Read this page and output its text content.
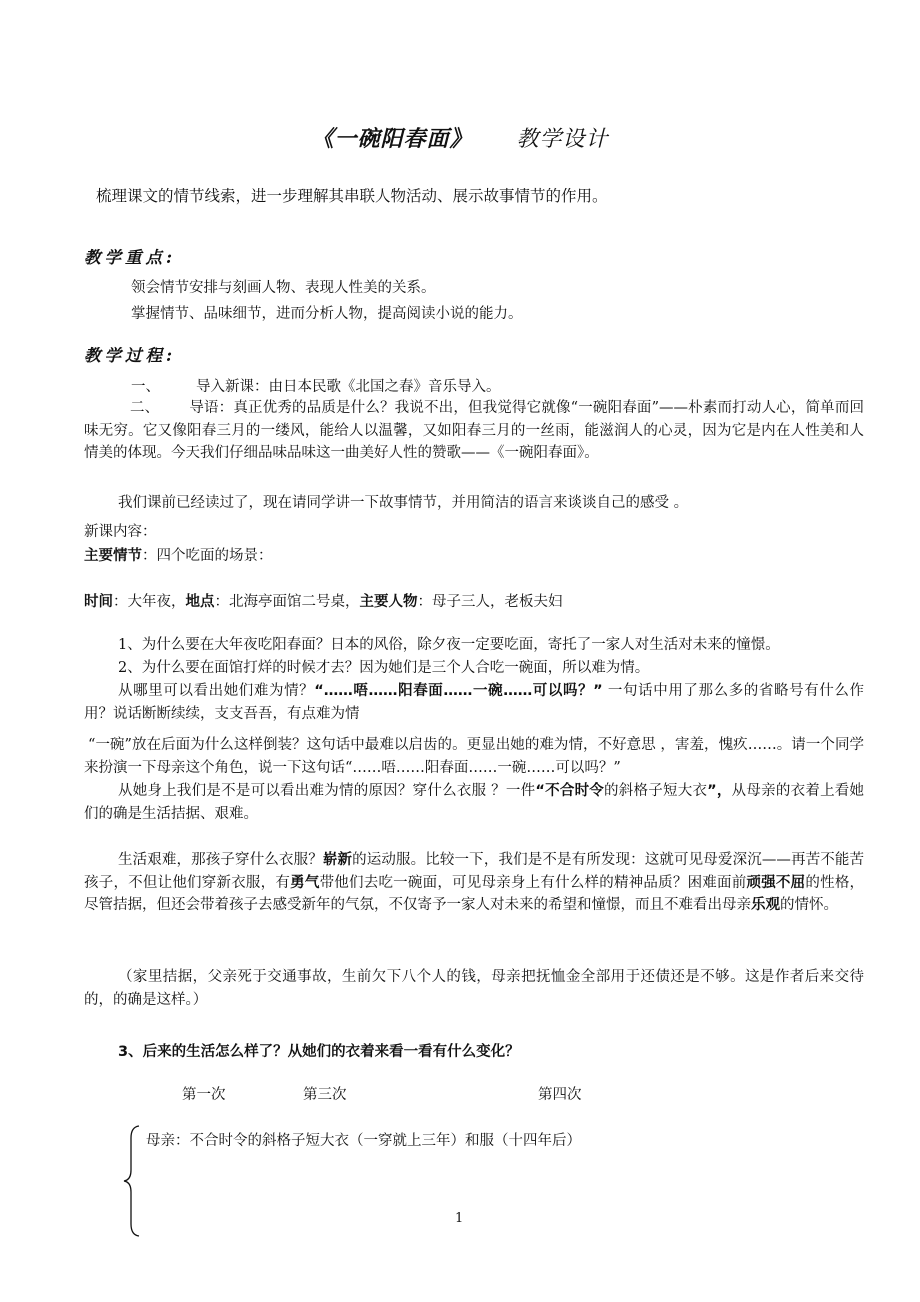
《一碗阳春面》 教学设计
梳理课文的情节线索，进一步理解其串联人物活动、展示故事情节的作用。
教学重点:
领会情节安排与刻画人物、表现人性美的关系。
掌握情节、品味细节，进而分析人物，提高阅读小说的能力。
教学过程:
一、 导入新课：由日本民歌《北国之春》音乐导入。
二、 导语：真正优秀的品质是什么？我说不出，但我觉得它就像“一碗阳春面”——朴素而打动人心，简单而回味无穷。它又像阳春三月的一缕风，能给人以温馨，又如阳春三月的一丝雨，能滋润人的心灵，因为它是内在人性美和人情美的体现。今天我们仔细品味品味这一曲美好人性的赞歌——《一碗阳春面》。
我们课前已经读过了，现在请同学讲一下故事情节，并用简洁的语言来谈谈自己的感受 。
新课内容：
主要情节：四个吃面的场景：
时间：大年夜，地点：北海亭面馆二号桌，主要人物：母子三人，老板夫妇
1、为什么要在大年夜吃阳春面？日本的风俗，除夕夜一定要吃面，寄托了一家人对生活对未来的憧憬。
2、为什么要在面馆打烊的时候才去？因为她们是三个人合吃一碗面，所以难为情。
从哪里可以看出她们难为情？“……唔……阳春面……一碗……可以吗？” 一句话中用了那么多的省略号有什么作用？说话断断续续，支支吾吾，有点难为情
“一碗”放在后面为什么这样倒装？这句话中最难以启齿的。更显出她的难为情，不好意思 ，害羞，愧疚……。请一个同学来扮演一下母亲这个角色，说一下这句话“……唔……阳春面……一碗……可以吗？”
从她身上我们是不是可以看出难为情的原因？穿什么衣服 ？一件“不合时令的斜格子短大衣”，从母亲的衣着上看她们的确是生活拮据、艰难。
生活艰难，那孩子穿什么衣服？崭新的运动服。比较一下，我们是不是有所发现：这就可见母爱深沉——再苦不能苦孩子，不但让他们穿新衣服，有勇气带他们去吃一碗面，可见母亲身上有什么样的精神品质？困难面前顽强不屈的性格，尽管拮据，但还会带着孩子去感受新年的气氛，不仅寄予一家人对未来的希望和憧憬，而且不难看出母亲乐观的情怀。
（家里拮据，父亲死于交通事故，生前欠下八个人的钱，母亲把抚恤金全部用于还债还是不够。这是作者后来交待的，的确是这样。）
3、后来的生活怎么样了？从她们的衣着来看一看有什么变化？
第一次	第三次	第四次
母亲：不合时令的斜格子短大衣（一穿就上三年）和服（十四年后）
1
